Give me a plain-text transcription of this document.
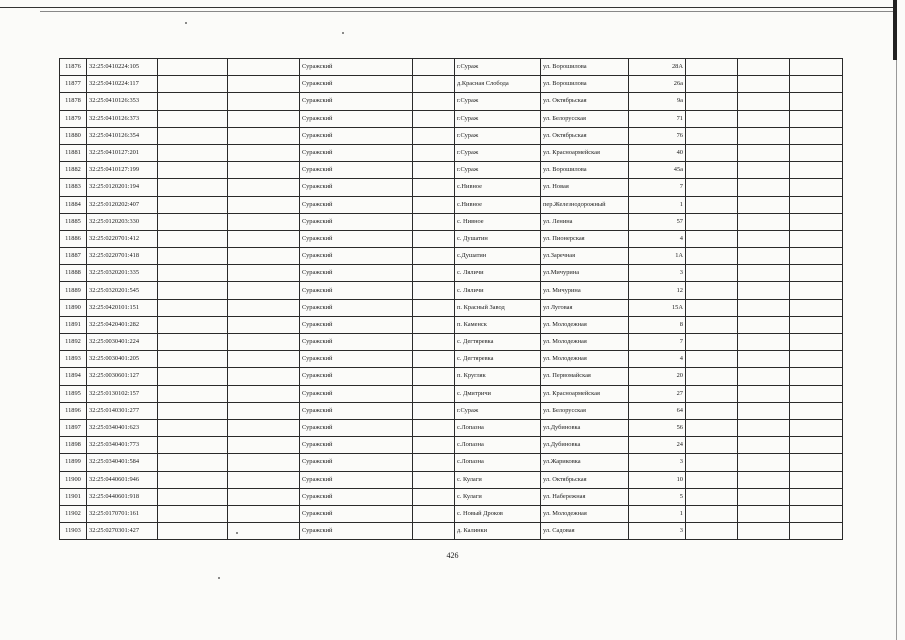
11876	32:25:0410224:105			Суражский		г.Сураж	ул. Ворошилова	28А			
11877	32:25:0410224:117			Суражский		д.Красная Слобода	ул. Ворошилова	26а			
11878	32:25:0410126:353			Суражский		г.Сураж	ул. Октябрьская	9а			
11879	32:25:0410126:373			Суражский		г.Сураж	ул. Белорусская	71			
11880	32:25:0410126:354			Суражский		г.Сураж	ул. Октябрьская	76			
11881	32:25:0410127:201			Суражский		г.Сураж	ул. Красноармейская	40			
11882	32:25:0410127:199			Суражский		г.Сураж	ул. Ворошилова	45а			
11883	32:25:0120201:194			Суражский		с.Нивное	ул. Новая	7			
11884	32:25:0120202:407			Суражский		с.Нивное	пер.Железнодорожный	1			
11885	32:25:0120203:330			Суражский		с. Нивное	ул. Ленина	57			
11886	32:25:0220701:412			Суражский		с. Душатин	ул. Пионерская	4			
11887	32:25:0220701:418			Суражский		с.Душатин	ул.Заречная	1А			
11888	32:25:0320201:335			Суражский		с. Ляличи	ул.Мичурина	3			
11889	32:25:0320201:545			Суражский		с. Ляличи	ул. Мичурина	12			
11890	32:25:0420101:151			Суражский		п. Красный Завод	ул Луговая	15А			
11891	32:25:0420401:282			Суражский		п. Каменск	ул. Молодежная	8			
11892	32:25:0030401:224			Суражский		с. Дегтяревка	ул. Молодежная	7			
11893	32:25:0030401:205			Суражский		с. Дегтяревка	ул. Молодежная	4			
11894	32:25:0030601:127			Суражский		п. Кругляк	ул. Первомайская	20			
11895	32:25:0130102:157			Суражский		с. Дмитричи	ул. Красноармейская	27			
11896	32:25:0140301:277			Суражский		г.Сураж	ул. Белорусская	64			
11897	32:25:0340401:623			Суражский		с.Лопазна	ул.Дубиновка	56			
11898	32:25:0340401:773			Суражский		с.Лопазна	ул.Дубиновка	24			
11899	32:25:0340401:584			Суражский		с.Лопазна	ул.Жариковка	3			
11900	32:25:0440601:946			Суражский		с. Кулаги	ул. Октябрьская	10			
11901	32:25:0440601:918			Суражский		с. Кулаги	ул. Набережная	5			
11902	32:25:0170701:161			Суражский		с. Новый Дроков	ул. Молодежная	1			
11903	32:25:0270301:427			Суражский		д. Калинки	ул. Садовая	3			
426
